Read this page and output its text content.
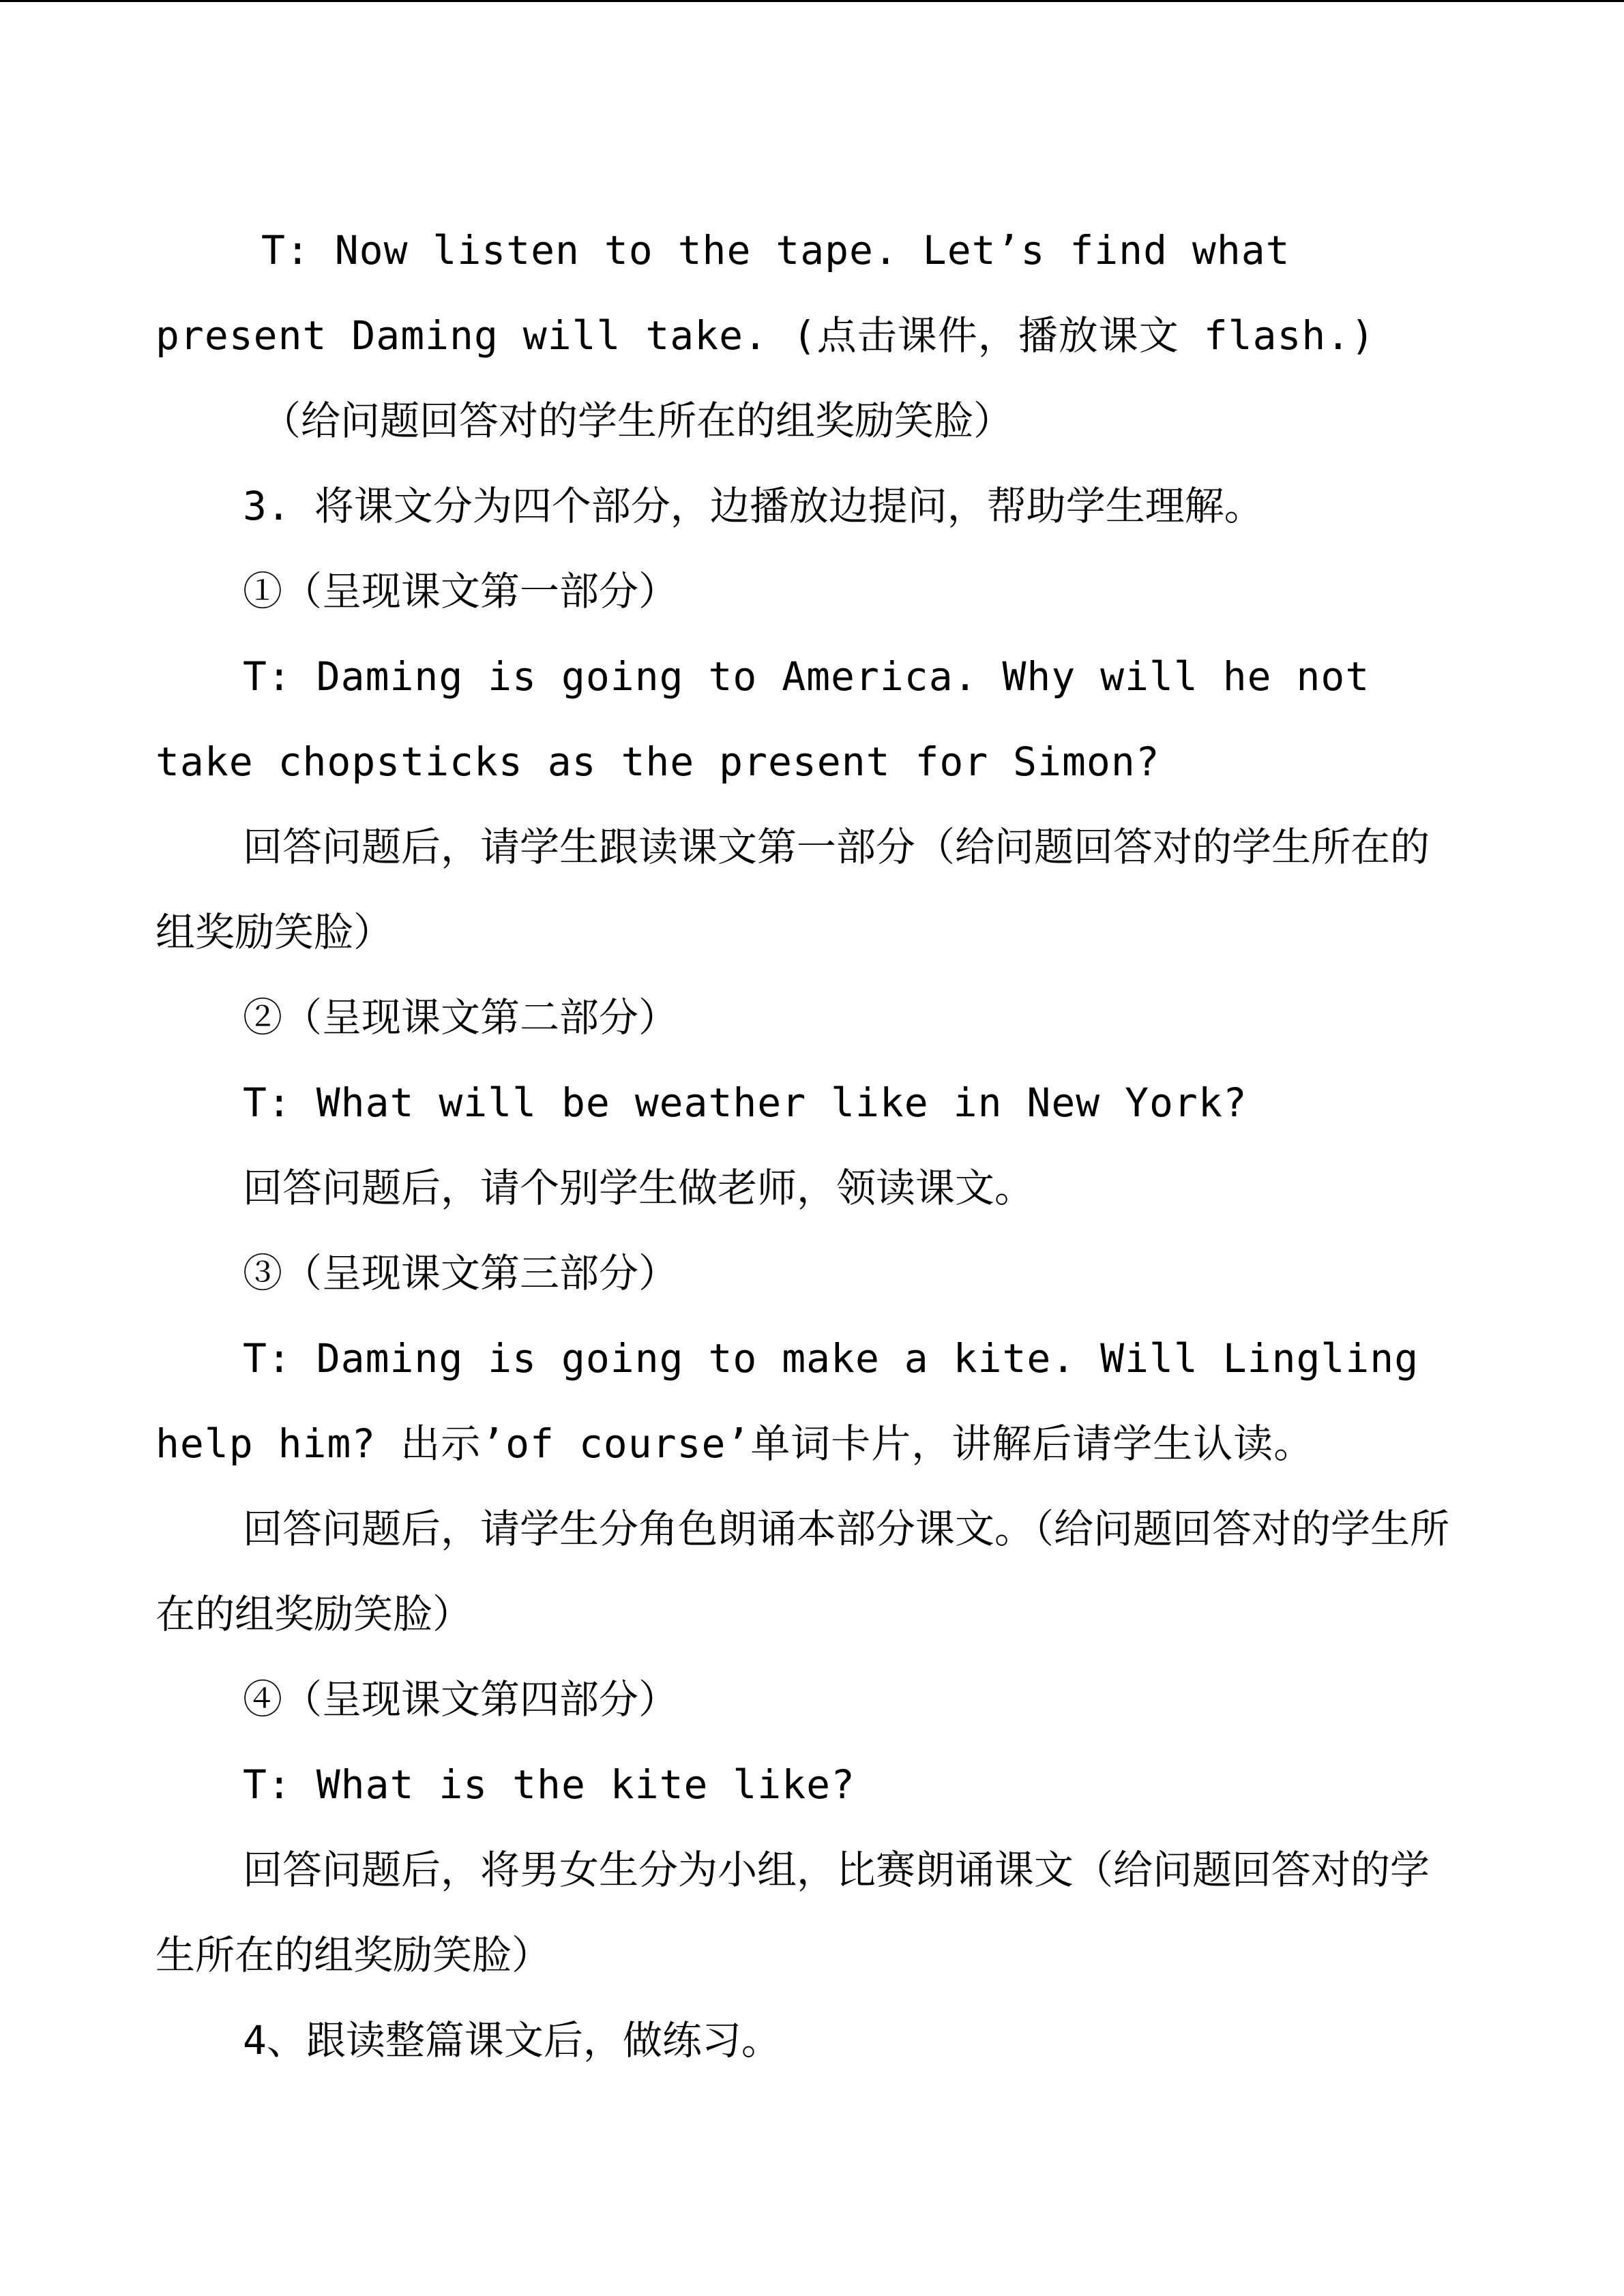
T: Now listen to the tape. Let’s find what present Daming will take. (点击课件，播放课文 flash.)

（给问题回答对的学生所在的组奖励笑脸）

3. 将课文分为四个部分，边播放边提问，帮助学生理解。

①（呈现课文第一部分）

T: Daming is going to America. Why will he not take chopsticks as the present for Simon?

回答问题后，请学生跟读课文第一部分（给问题回答对的学生所在的组奖励笑脸）

②（呈现课文第二部分）

T: What will be weather like in New York?

回答问题后，请个别学生做老师，领读课文。

③（呈现课文第三部分）

T: Daming is going to make a kite. Will Lingling help him? 出示’of course’单词卡片，讲解后请学生认读。

回答问题后，请学生分角色朗诵本部分课文。（给问题回答对的学生所在的组奖励笑脸）

④（呈现课文第四部分）

T: What is the kite like?

回答问题后，将男女生分为小组，比赛朗诵课文（给问题回答对的学生所在的组奖励笑脸）

4、跟读整篇课文后，做练习。
